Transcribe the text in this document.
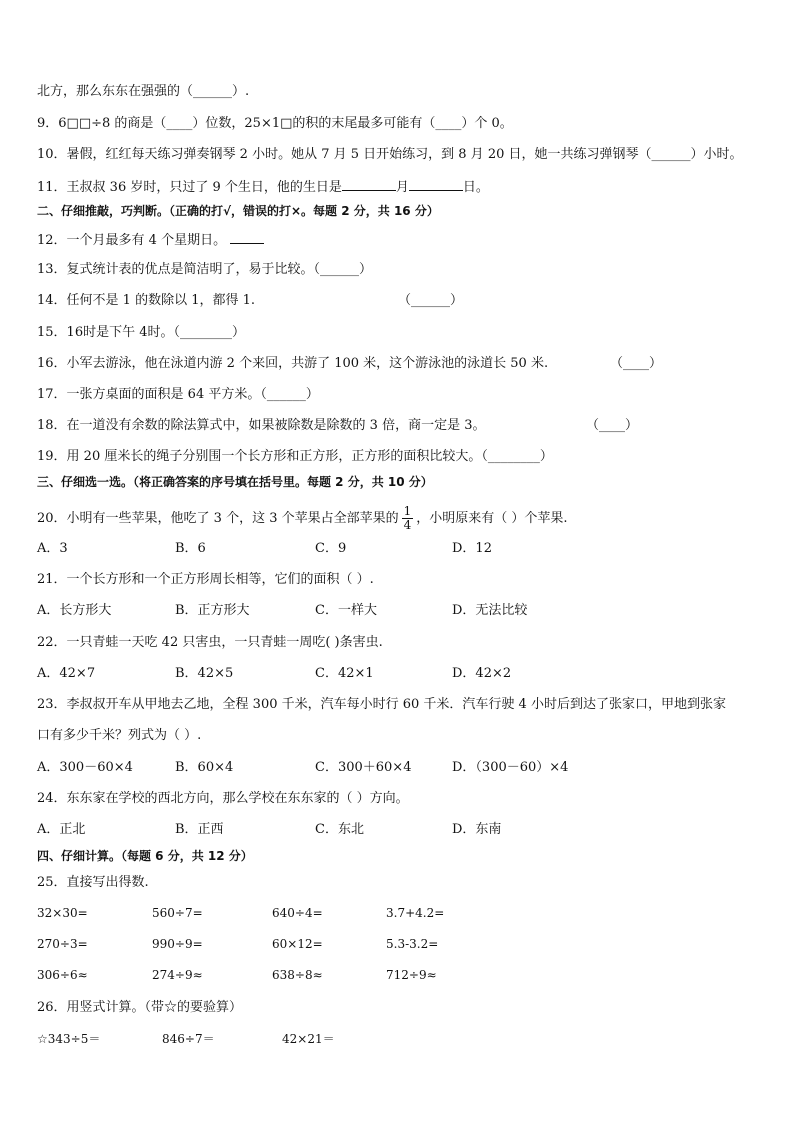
北方，那么东东在强强的（______）.
9．6□□÷8 的商是（____）位数，25×1□的积的末尾最多可能有（____）个 0。
10．暑假，红红每天练习弹奏钢琴 2 小时。她从 7 月 5 日开始练习，到 8 月 20 日，她一共练习弹钢琴（______）小时。
11．王叔叔 36 岁时，只过了 9 个生日，他的生日是	月	日。
二、仔细推敲，巧判断。（正确的打√，错误的打×。每题 2 分，共 16 分）
12．一个月最多有 4 个星期日。
13．复式统计表的优点是简洁明了，易于比较。（______）
14．任何不是 1 的数除以 1，都得 1.	（______）
15．16时是下午 4时。（________）
16．小军去游泳，他在泳道内游 2 个来回，共游了 100 米，这个游泳池的泳道长 50 米.	（____）
17．一张方桌面的面积是 64 平方米。（______）
18．在一道没有余数的除法算式中，如果被除数是除数的 3 倍，商一定是 3。	（____）
19．用 20 厘米长的绳子分别围一个长方形和正方形，正方形的面积比较大。（________）
三、仔细选一选。（将正确答案的序号填在括号里。每题 2 分，共 10 分）
20．小明有一些苹果，他吃了 3 个，这 3 个苹果占全部苹果的 $\frac{1}{4}$ ，小明原来有（ ）个苹果.
A．3	B．6	C．9	D．12
21．一个长方形和一个正方形周长相等，它们的面积（ ）.
A．长方形大	B．正方形大	C．一样大	D．无法比较
22．一只青蛙一天吃 42 只害虫，一只青蛙一周吃( )条害虫.
A．42×7	B．42×5	C．42×1	D．42×2
23．李叔叔开车从甲地去乙地，全程 300 千米，汽车每小时行 60 千米．汽车行驶 4 小时后到达了张家口，甲地到张家
口有多少千米？列式为（ ）.
A．300－60×4	B．60×4	C．300＋60×4	D．（300－60）×4
24．东东家在学校的西北方向，那么学校在东东家的（ ）方向。
A．正北	B．正西	C．东北	D．东南
四、仔细计算。（每题 6 分，共 12 分）
25．直接写出得数.
32×30=	560÷7=	640÷4=	3.7+4.2=
270÷3=	990÷9=	60×12=	5.3-3.2=
306÷6≈	274÷9≈	638÷8≈	712÷9≈
26．用竖式计算。（带☆的要验算）
☆343÷5＝	846÷7＝	42×21＝
